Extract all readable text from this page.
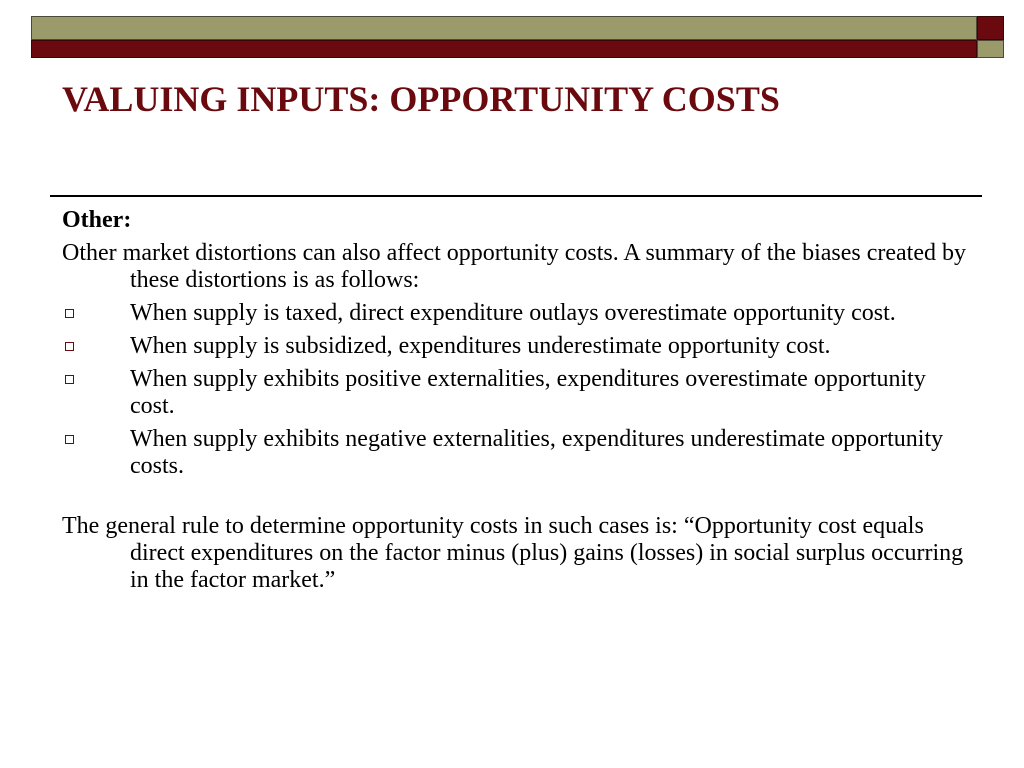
VALUING INPUTS: OPPORTUNITY COSTS

Other:

Other market distortions can also affect opportunity costs. A summary of the biases created by these distortions is as follows:

When supply is taxed, direct expenditure outlays overestimate opportunity cost.
When supply is subsidized, expenditures underestimate opportunity cost.
When supply exhibits positive externalities, expenditures overestimate opportunity cost.
When supply exhibits negative externalities, expenditures underestimate opportunity costs.

The general rule to determine opportunity costs in such cases is: “Opportunity cost equals direct expenditures on the factor minus (plus) gains (losses) in social surplus occurring in the factor market.”
